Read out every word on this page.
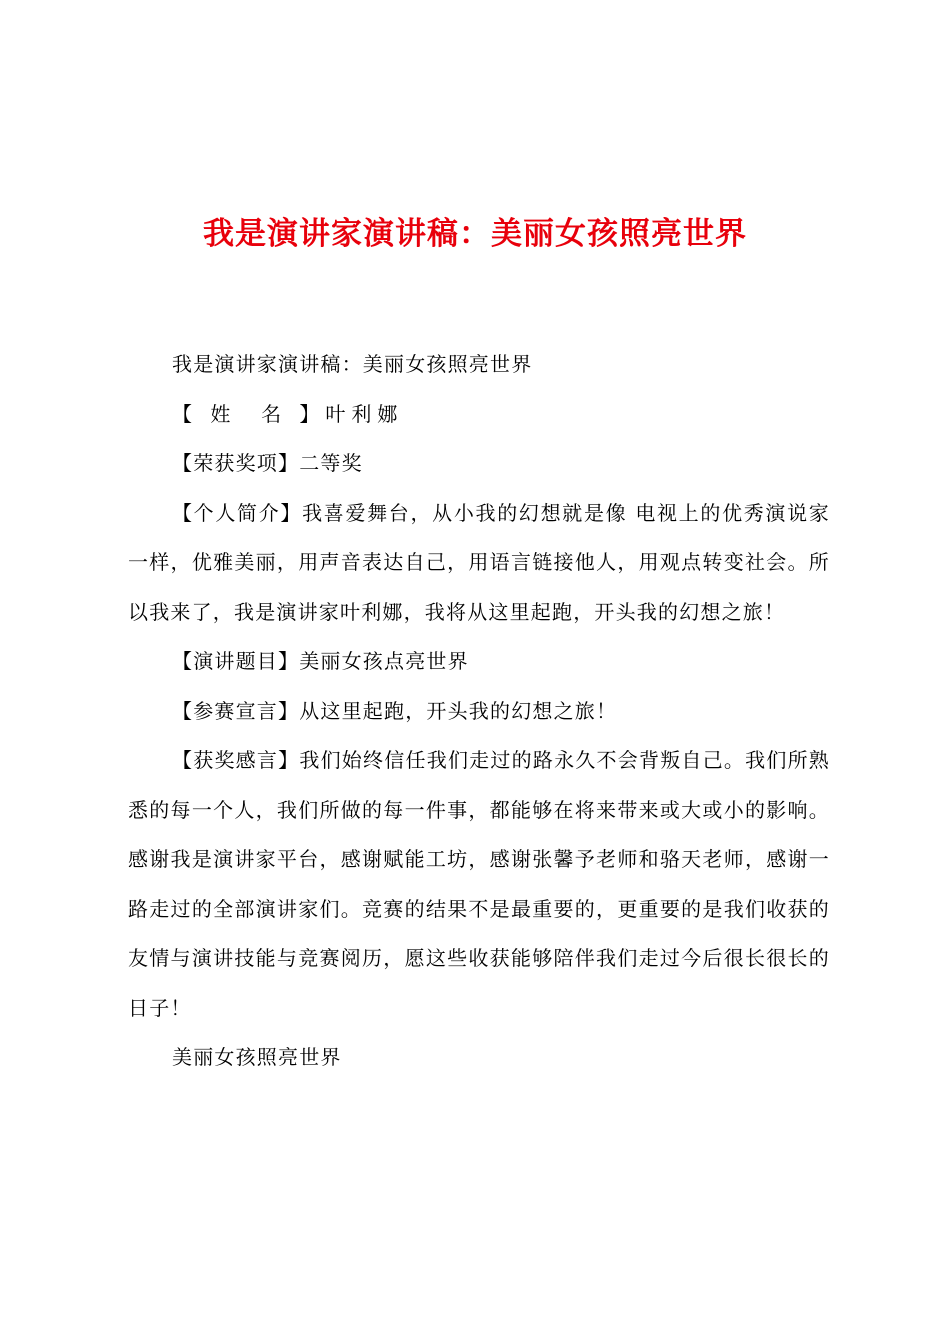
我是演讲家演讲稿：美丽女孩照亮世界

我是演讲家演讲稿：美丽女孩照亮世界

【 姓  名 】叶利娜

【荣获奖项】二等奖

【个人简介】我喜爱舞台，从小我的幻想就是像 电视上的优秀演说家一样，优雅美丽，用声音表达自己，用语言链接他人，用观点转变社会。所以我来了，我是演讲家叶利娜，我将从这里起跑，开头我的幻想之旅！

【演讲题目】美丽女孩点亮世界

【参赛宣言】从这里起跑，开头我的幻想之旅！

【获奖感言】我们始终信任我们走过的路永久不会背叛自己。我们所熟悉的每一个人，我们所做的每一件事，都能够在将来带来或大或小的影响。感谢我是演讲家平台，感谢赋能工坊，感谢张馨予老师和骆天老师，感谢一路走过的全部演讲家们。竞赛的结果不是最重要的，更重要的是我们收获的友情与演讲技能与竞赛阅历，愿这些收获能够陪伴我们走过今后很长很长的日子！

美丽女孩照亮世界
